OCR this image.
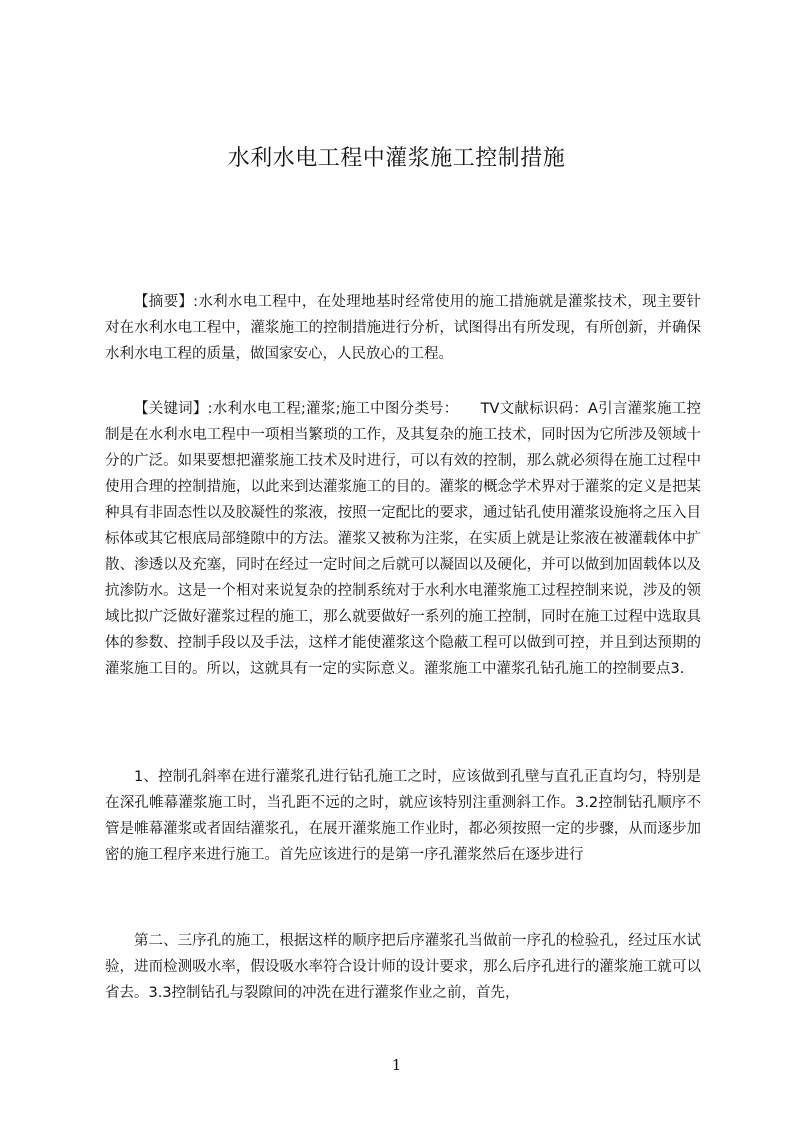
水利水电工程中灌浆施工控制措施

【摘要】:水利水电工程中，在处理地基时经常使用的施工措施就是灌浆技术，现主要针对在水利水电工程中，灌浆施工的控制措施进行分析，试图得出有所发现，有所创新，并确保水利水电工程的质量，做国家安心，人民放心的工程。

【关键词】:水利水电工程;灌浆;施工中图分类号：　　TV文献标识码：A引言灌浆施工控制是在水利水电工程中一项相当繁琐的工作，及其复杂的施工技术，同时因为它所涉及领域十分的广泛。如果要想把灌浆施工技术及时进行，可以有效的控制，那么就必须得在施工过程中使用合理的控制措施，以此来到达灌浆施工的目的。灌浆的概念学术界对于灌浆的定义是把某种具有非固态性以及胶凝性的浆液，按照一定配比的要求，通过钻孔使用灌浆设施将之压入目标体或其它根底局部缝隙中的方法。灌浆又被称为注浆，在实质上就是让浆液在被灌载体中扩散、渗透以及充塞，同时在经过一定时间之后就可以凝固以及硬化，并可以做到加固载体以及抗渗防水。这是一个相对来说复杂的控制系统对于水利水电灌浆施工过程控制来说，涉及的领域比拟广泛做好灌浆过程的施工，那么就要做好一系列的施工控制，同时在施工过程中选取具体的参数、控制手段以及手法，这样才能使灌浆这个隐蔽工程可以做到可控，并且到达预期的灌浆施工目的。所以，这就具有一定的实际意义。灌浆施工中灌浆孔钻孔施工的控制要点3.

1、控制孔斜率在进行灌浆孔进行钻孔施工之时，应该做到孔壁与直孔正直均匀，特别是在深孔帷幕灌浆施工时，当孔距不远的之时，就应该特别注重测斜工作。3.2控制钻孔顺序不管是帷幕灌浆或者固结灌浆孔，在展开灌浆施工作业时，都必须按照一定的步骤，从而逐步加密的施工程序来进行施工。首先应该进行的是第一序孔灌浆然后在逐步进行

第二、三序孔的施工，根据这样的顺序把后序灌浆孔当做前一序孔的检验孔，经过压水试验，进而检测吸水率，假设吸水率符合设计师的设计要求，那么后序孔进行的灌浆施工就可以省去。3.3控制钻孔与裂隙间的冲洗在进行灌浆作业之前，首先，

1
